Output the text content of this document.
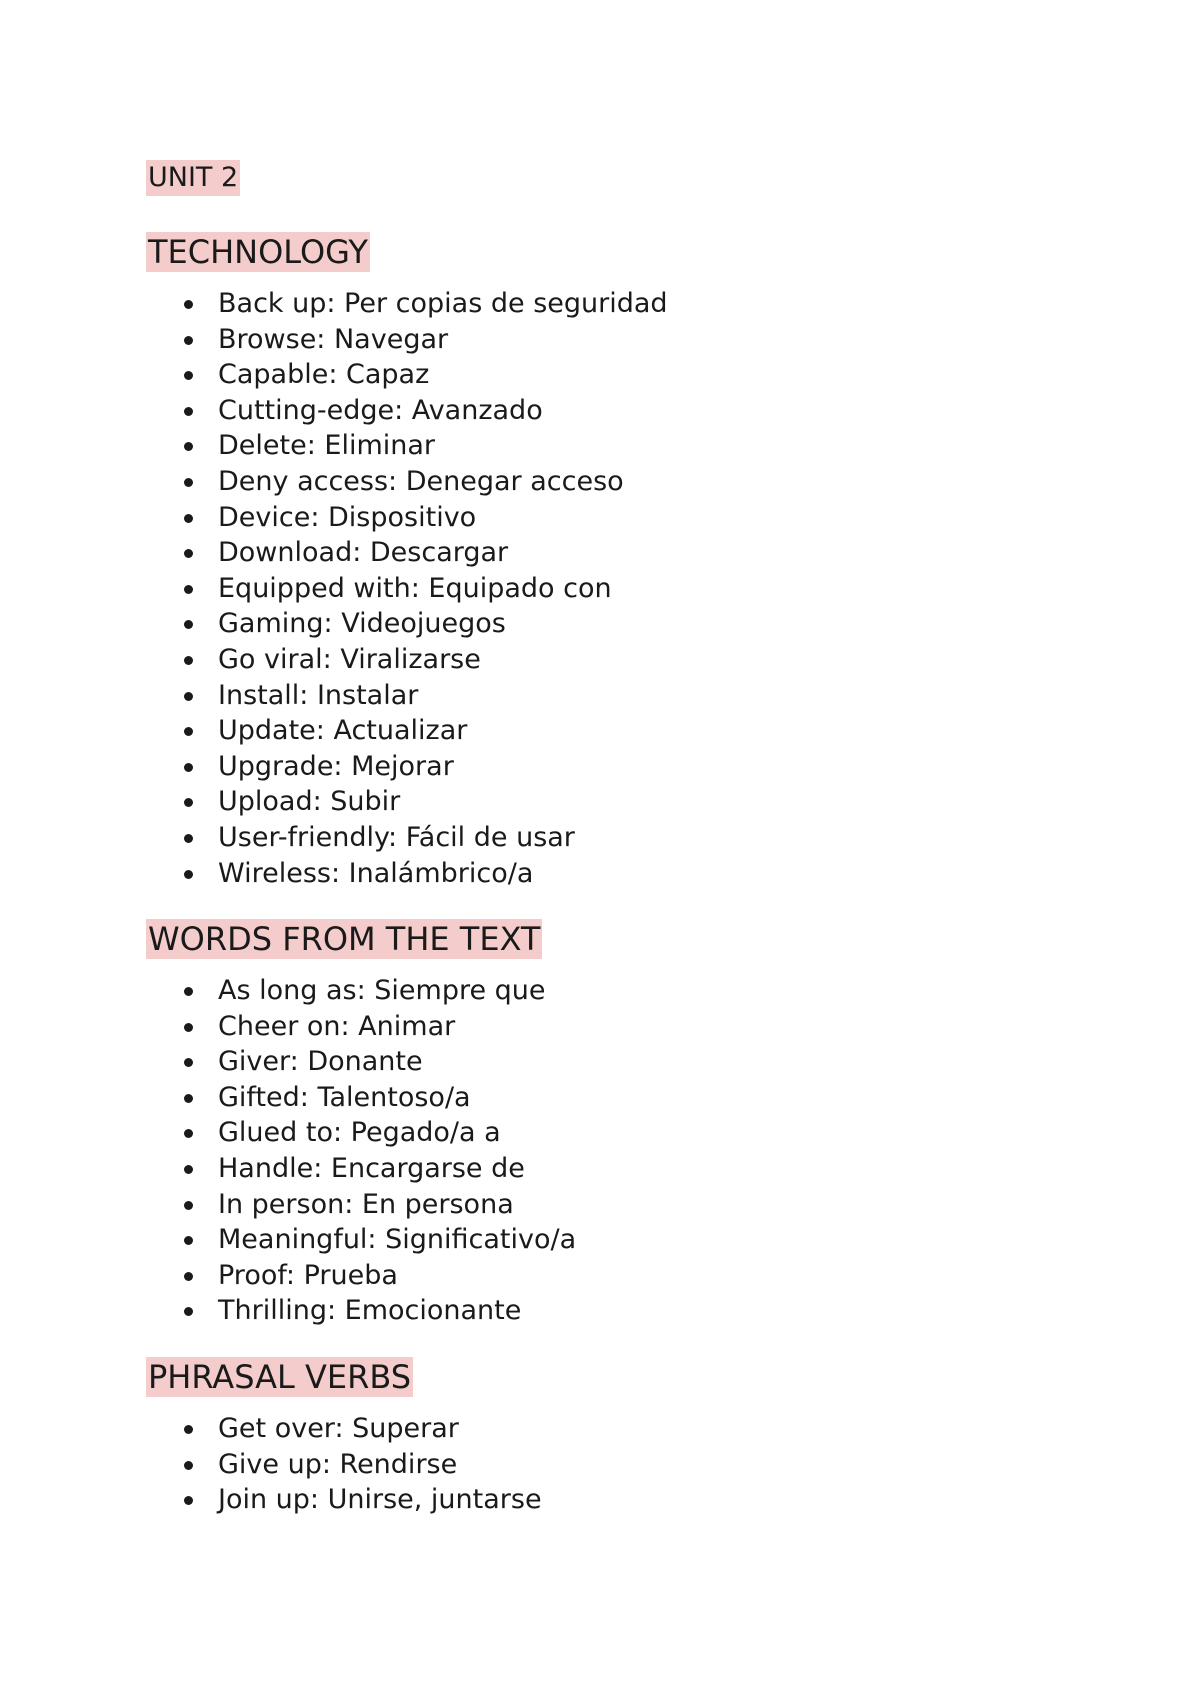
UNIT 2
TECHNOLOGY
Back up: Per copias de seguridad
Browse: Navegar
Capable: Capaz
Cutting-edge: Avanzado
Delete: Eliminar
Deny access: Denegar acceso
Device: Dispositivo
Download: Descargar
Equipped with: Equipado con
Gaming: Videojuegos
Go viral: Viralizarse
Install: Instalar
Update: Actualizar
Upgrade: Mejorar
Upload: Subir
User-friendly: Fácil de usar
Wireless: Inalámbrico/a
WORDS FROM THE TEXT
As long as: Siempre que
Cheer on: Animar
Giver: Donante
Gifted: Talentoso/a
Glued to: Pegado/a a
Handle: Encargarse de
In person: En persona
Meaningful: Significativo/a
Proof: Prueba
Thrilling: Emocionante
PHRASAL VERBS
Get over: Superar
Give up: Rendirse
Join up: Unirse, juntarse
